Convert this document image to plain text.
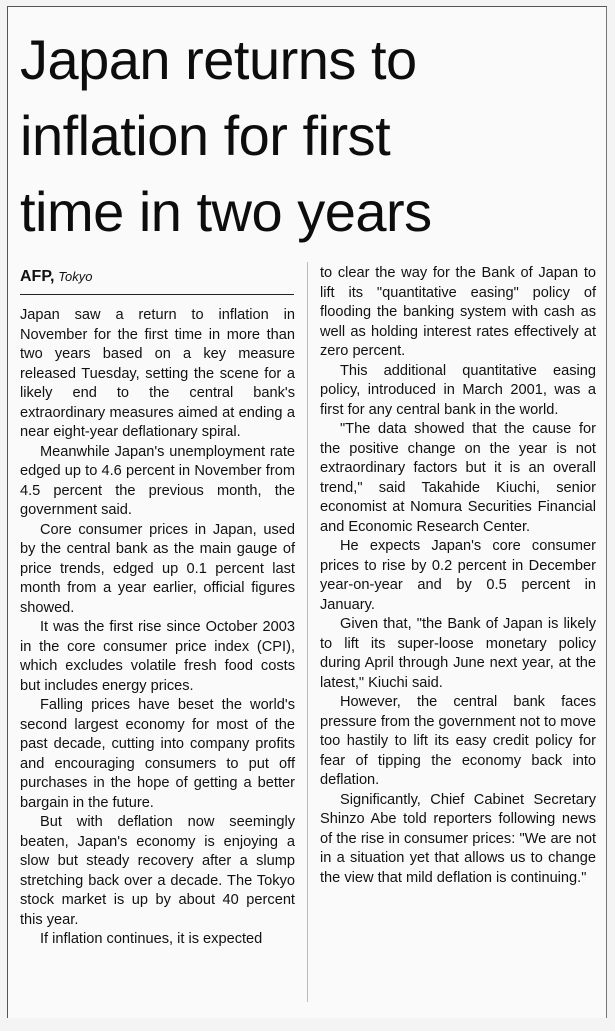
Japan returns to
inflation for first
time in two years
AFP, Tokyo

Japan saw a return to inflation in November for the first time in more than two years based on a key measure released Tuesday, setting the scene for a likely end to the central bank's extraordinary measures aimed at ending a near eight-year deflationary spiral.

Meanwhile Japan's unemployment rate edged up to 4.6 percent in November from 4.5 percent the previous month, the government said.

Core consumer prices in Japan, used by the central bank as the main gauge of price trends, edged up 0.1 percent last month from a year earlier, official figures showed.

It was the first rise since October 2003 in the core consumer price index (CPI), which excludes volatile fresh food costs but includes energy prices.

Falling prices have beset the world's second largest economy for most of the past decade, cutting into company profits and encouraging consumers to put off purchases in the hope of getting a better bargain in the future.

But with deflation now seemingly beaten, Japan's economy is enjoying a slow but steady recovery after a slump stretching back over a decade. The Tokyo stock market is up by about 40 percent this year.

If inflation continues, it is expected

to clear the way for the Bank of Japan to lift its "quantitative easing" policy of flooding the banking system with cash as well as holding interest rates effectively at zero percent.

This additional quantitative easing policy, introduced in March 2001, was a first for any central bank in the world.

"The data showed that the cause for the positive change on the year is not extraordinary factors but it is an overall trend," said Takahide Kiuchi, senior economist at Nomura Securities Financial and Economic Research Center.

He expects Japan's core consumer prices to rise by 0.2 percent in December year-on-year and by 0.5 percent in January.

Given that, "the Bank of Japan is likely to lift its super-loose monetary policy during April through June next year, at the latest," Kiuchi said.

However, the central bank faces pressure from the government not to move too hastily to lift its easy credit policy for fear of tipping the economy back into deflation.

Significantly, Chief Cabinet Secretary Shinzo Abe told reporters following news of the rise in consumer prices: "We are not in a situation yet that allows us to change the view that mild deflation is continuing."
